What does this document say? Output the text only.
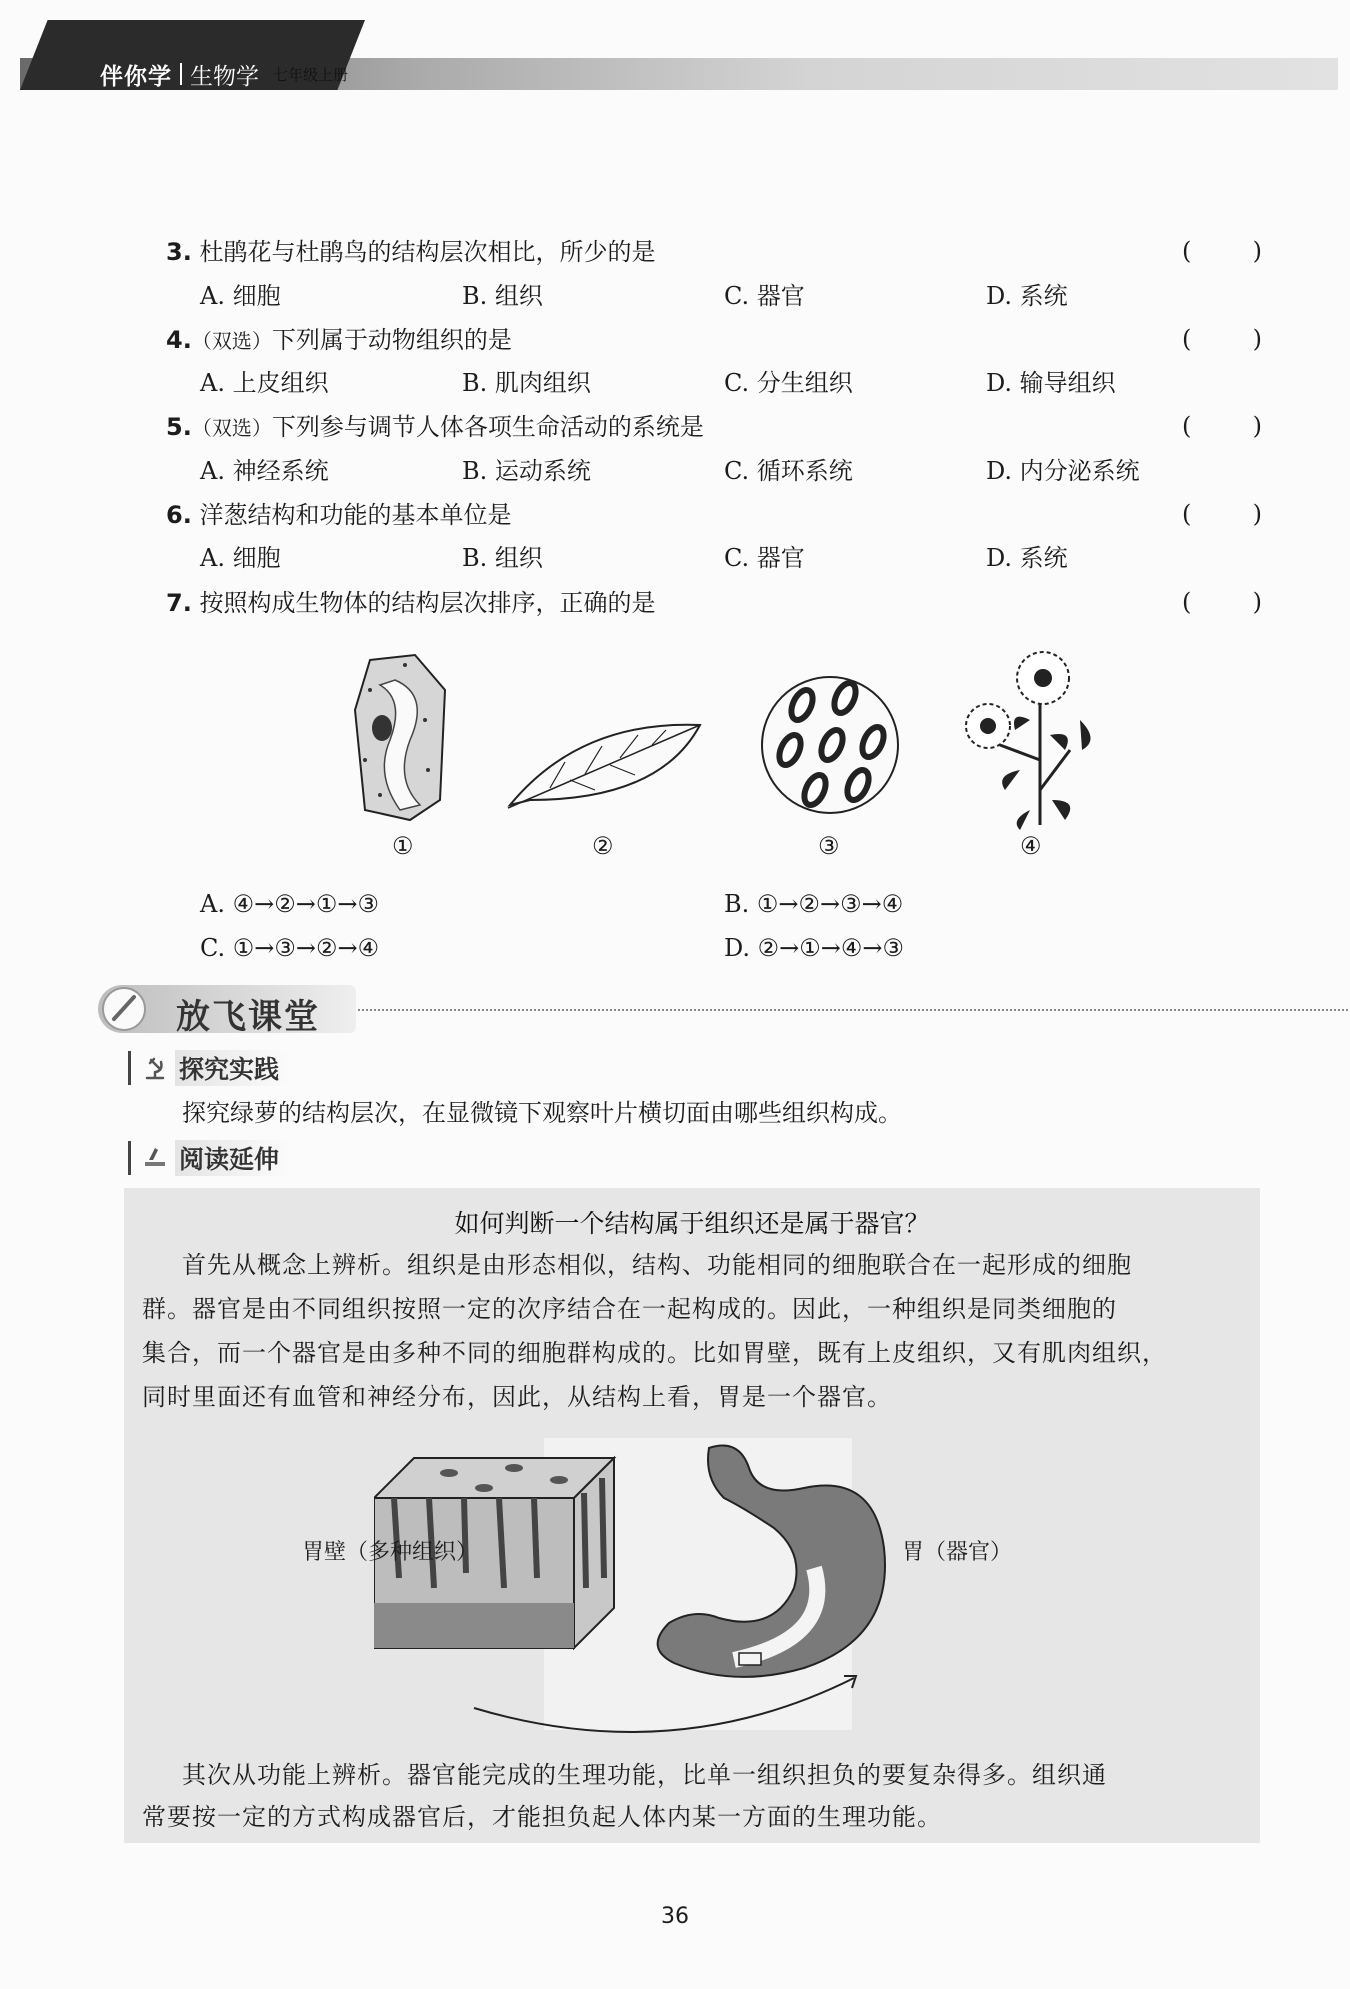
伴你学 生物学 七年级上册
3. 杜鹃花与杜鹃鸟的结构层次相比，所少的是	(	)
A. 细胞	B. 组织	C. 器官	D. 系统
4.（双选）下列属于动物组织的是	(	)
A. 上皮组织	B. 肌肉组织	C. 分生组织	D. 输导组织
5.（双选）下列参与调节人体各项生命活动的系统是	(	)
A. 神经系统	B. 运动系统	C. 循环系统	D. 内分泌系统
6. 洋葱结构和功能的基本单位是	(	)
A. 细胞	B. 组织	C. 器官	D. 系统
7. 按照构成生物体的结构层次排序，正确的是	(	)
①	②	③	④
A. ④→②→①→③	B. ①→②→③→④
C. ①→③→②→④	D. ②→①→④→③
放飞课堂
探究实践
探究绿萝的结构层次，在显微镜下观察叶片横切面由哪些组织构成。
阅读延伸
如何判断一个结构属于组织还是属于器官？
首先从概念上辨析。组织是由形态相似，结构、功能相同的细胞联合在一起形成的细胞
群。器官是由不同组织按照一定的次序结合在一起构成的。因此，一种组织是同类细胞的
集合，而一个器官是由多种不同的细胞群构成的。比如胃壁，既有上皮组织，又有肌肉组织，
同时里面还有血管和神经分布，因此，从结构上看，胃是一个器官。
胃壁（多种组织）	胃（器官）
其次从功能上辨析。器官能完成的生理功能，比单一组织担负的要复杂得多。组织通
常要按一定的方式构成器官后，才能担负起人体内某一方面的生理功能。
36
